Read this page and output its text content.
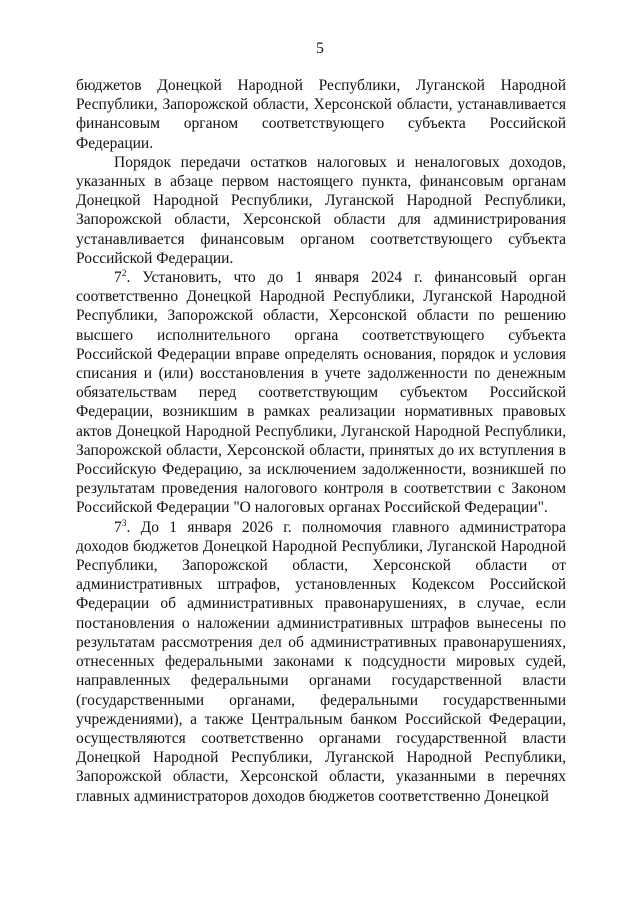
5

бюджетов Донецкой Народной Республики, Луганской Народной Республики, Запорожской области, Херсонской области, устанавливается финансовым органом соответствующего субъекта Российской Федерации.

Порядок передачи остатков налоговых и неналоговых доходов, указанных в абзаце первом настоящего пункта, финансовым органам Донецкой Народной Республики, Луганской Народной Республики, Запорожской области, Херсонской области для администрирования устанавливается финансовым органом соответствующего субъекта Российской Федерации.

$7^2$. Установить, что до 1 января 2024 г. финансовый орган соответственно Донецкой Народной Республики, Луганской Народной Республики, Запорожской области, Херсонской области по решению высшего исполнительного органа соответствующего субъекта Российской Федерации вправе определять основания, порядок и условия списания и (или) восстановления в учете задолженности по денежным обязательствам перед соответствующим субъектом Российской Федерации, возникшим в рамках реализации нормативных правовых актов Донецкой Народной Республики, Луганской Народной Республики, Запорожской области, Херсонской области, принятых до их вступления в Российскую Федерацию, за исключением задолженности, возникшей по результатам проведения налогового контроля в соответствии с Законом Российской Федерации "О налоговых органах Российской Федерации".

$7^3$. До 1 января 2026 г. полномочия главного администратора доходов бюджетов Донецкой Народной Республики, Луганской Народной Республики, Запорожской области, Херсонской области от административных штрафов, установленных Кодексом Российской Федерации об административных правонарушениях, в случае, если постановления о наложении административных штрафов вынесены по результатам рассмотрения дел об административных правонарушениях, отнесенных федеральными законами к подсудности мировых судей, направленных федеральными органами государственной власти (государственными органами, федеральными государственными учреждениями), а также Центральным банком Российской Федерации, осуществляются соответственно органами государственной власти Донецкой Народной Республики, Луганской Народной Республики, Запорожской области, Херсонской области, указанными в перечнях главных администраторов доходов бюджетов соответственно Донецкой
